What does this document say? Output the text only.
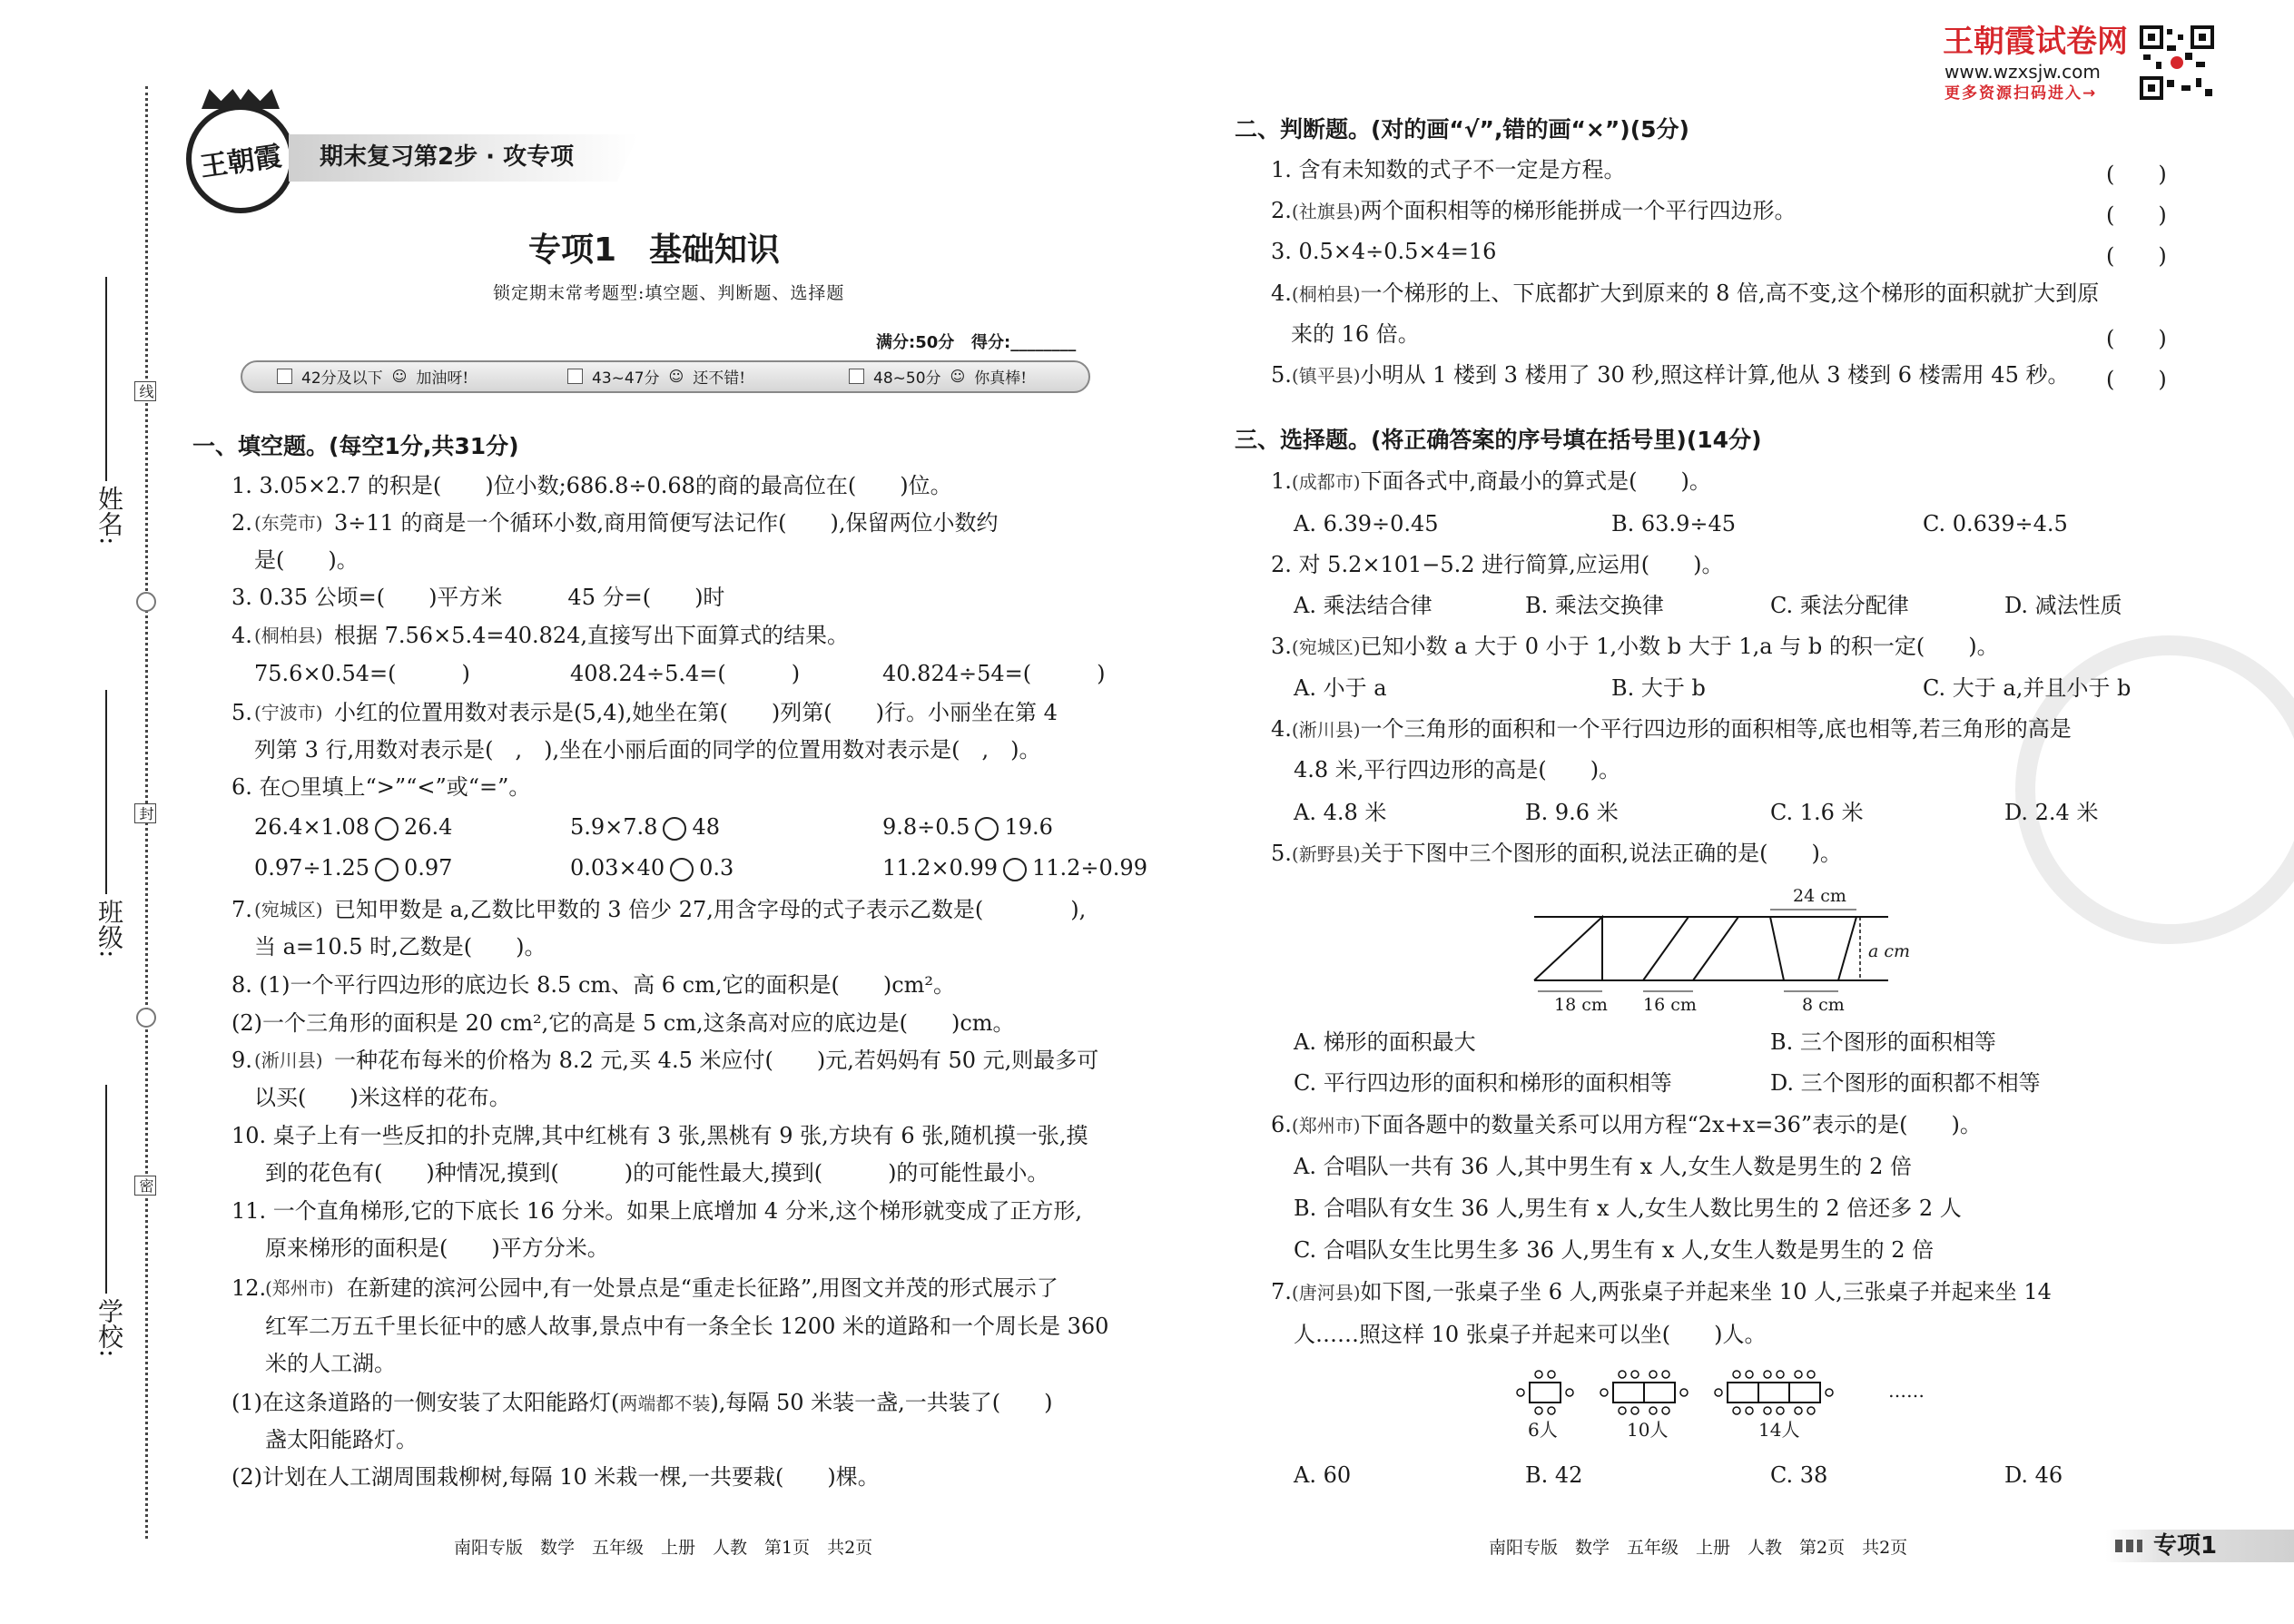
线
封
密
姓名:
班级:
学校:
王朝霞 期末复习第2步 · 攻专项
专项1　基础知识
锁定期末常考题型:填空题、判断题、选择题
满分:50分 得分:________
42分及以下 ☺ 加油呀!	43~47分 ☺ 还不错!	48~50分 ☺ 你真棒!
一、填空题。(每空1分,共31分)
1. 3.05×2.7 的积是(　　)位小数;686.8÷0.68的商的最高位在(　　)位。
2. (东莞市) 3÷11 的商是一个循环小数,商用简便写法记作(　　),保留两位小数约
是(　　)。
3. 0.35 公顷=(　　)平方米　　　45 分=(　　)时
4. (桐柏县) 根据 7.56×5.4=40.824,直接写出下面算式的结果。
75.6×0.54=(　　　)	408.24÷5.4=(　　　)	40.824÷54=(　　　)
5. (宁波市) 小红的位置用数对表示是(5,4),她坐在第(　　)列第(　　)行。小丽坐在第 4
列第 3 行,用数对表示是(　,　),坐在小丽后面的同学的位置用数对表示是(　,　)。
6. 在○里填上“>”“<”或“=”。
26.4×1.08 26.4	5.9×7.8 48	9.8÷0.5 19.6
0.97÷1.25 0.97	0.03×40 0.3	11.2×0.99 11.2÷0.99
7. (宛城区) 已知甲数是 a,乙数比甲数的 3 倍少 27,用含字母的式子表示乙数是(　　　　),
当 a=10.5 时,乙数是(　　)。
8. (1)一个平行四边形的底边长 8.5 cm、高 6 cm,它的面积是(　　)cm²。
(2)一个三角形的面积是 20 cm²,它的高是 5 cm,这条高对应的底边是(　　)cm。
9. (淅川县) 一种花布每米的价格为 8.2 元,买 4.5 米应付(　　)元,若妈妈有 50 元,则最多可
以买(　　)米这样的花布。
10. 桌子上有一些反扣的扑克牌,其中红桃有 3 张,黑桃有 9 张,方块有 6 张,随机摸一张,摸
到的花色有(　　)种情况,摸到(　　　)的可能性最大,摸到(　　　)的可能性最小。
11. 一个直角梯形,它的下底长 16 分米。如果上底增加 4 分米,这个梯形就变成了正方形,
原来梯形的面积是(　　)平方分米。
12.
(郑州市) 在新建的滨河公园中,有一处景点是“重走长征路”,用图文并茂的形式展示了
红军二万五千里长征中的感人故事,景点中有一条全长 1200 米的道路和一个周长是 360
米的人工湖。
(1)在这条道路的一侧安装了太阳能路灯(两端都不装),每隔 50 米装一盏,一共装了(　　)
盏太阳能路灯。
(2)计划在人工湖周围栽柳树,每隔 10 米栽一棵,一共要栽(　　)棵。
南阳专版　数学　五年级　上册　人教　第1页　共2页
王朝霞试卷网
www.wzxsjw.com
更多资源扫码进入→
二、判断题。(对的画“√”,错的画“×”)(5分)
1. 含有未知数的式子不一定是方程。	(　　)
2.(社旗县)两个面积相等的梯形能拼成一个平行四边形。	(　　)
3. 0.5×4÷0.5×4=16	(　　)
4.(桐柏县)一个梯形的上、下底都扩大到原来的 8 倍,高不变,这个梯形的面积就扩大到原
来的 16 倍。	(　　)
5.(镇平县)小明从 1 楼到 3 楼用了 30 秒,照这样计算,他从 3 楼到 6 楼需用 45 秒。 (　　)
三、选择题。(将正确答案的序号填在括号里)(14分)
1.(成都市)下面各式中,商最小的算式是(　　)。
A. 6.39÷0.45	B. 63.9÷45	C. 0.639÷4.5
2. 对 5.2×101−5.2 进行简算,应运用(　　)。
A. 乘法结合律	B. 乘法交换律	C. 乘法分配律	D. 减法性质
3.(宛城区)已知小数 a 大于 0 小于 1,小数 b 大于 1,a 与 b 的积一定(　　)。
A. 小于 a	B. 大于 b	C. 大于 a,并且小于 b
4.(淅川县)一个三角形的面积和一个平行四边形的面积相等,底也相等,若三角形的高是
4.8 米,平行四边形的高是(　　)。
A. 4.8 米	B. 9.6 米	C. 1.6 米	D. 2.4 米
5.(新野县)关于下图中三个图形的面积,说法正确的是(　　)。
24 cm
a cm
18 cm 16 cm	8 cm
A. 梯形的面积最大	B. 三个图形的面积相等
C. 平行四边形的面积和梯形的面积相等	D. 三个图形的面积都不相等
6.(郑州市)下面各题中的数量关系可以用方程“2x+x=36”表示的是(　　)。
A. 合唱队一共有 36 人,其中男生有 x 人,女生人数是男生的 2 倍
B. 合唱队有女生 36 人,男生有 x 人,女生人数比男生的 2 倍还多 2 人
C. 合唱队女生比男生多 36 人,男生有 x 人,女生人数是男生的 2 倍
7.(唐河县)如下图,一张桌子坐 6 人,两张桌子并起来坐 10 人,三张桌子并起来坐 14
人……照这样 10 张桌子并起来可以坐(　　)人。
6人	10人	14人
……
A. 60	B. 42	C. 38	D. 46
南阳专版　数学　五年级　上册　人教　第2页　共2页	专项1
